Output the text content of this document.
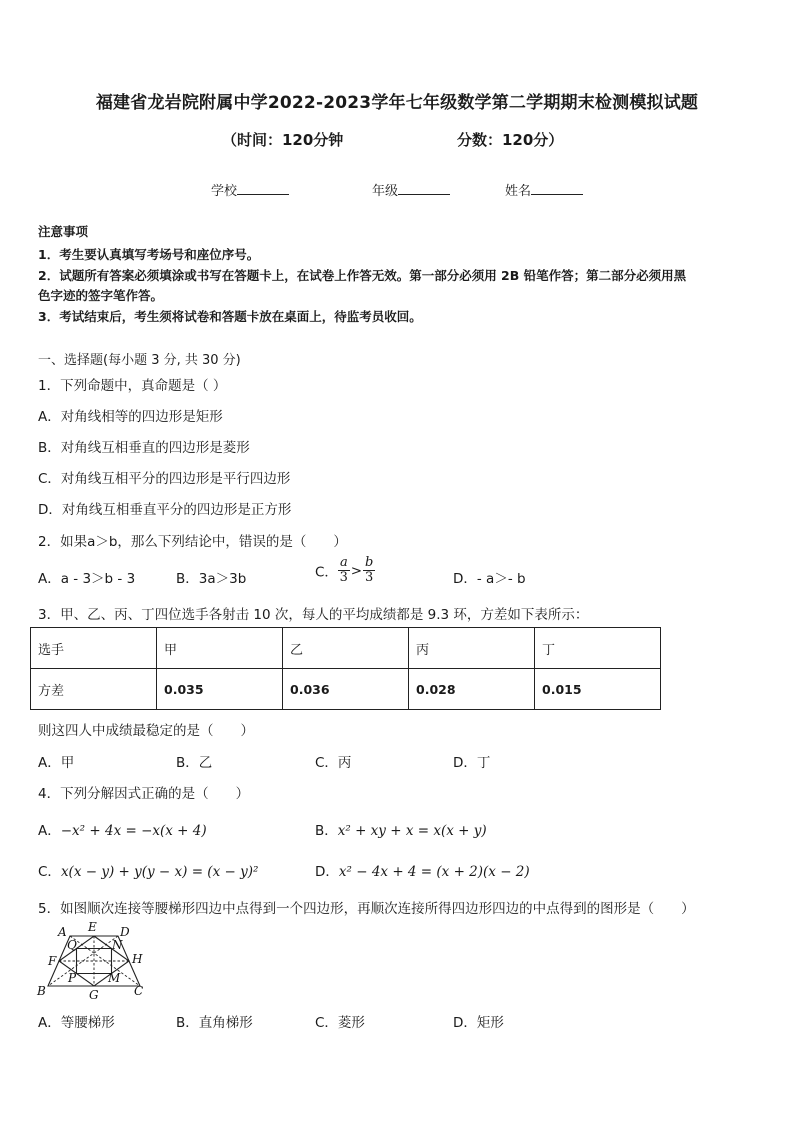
福建省龙岩院附属中学2022-2023学年七年级数学第二学期期末检测模拟试题
（时间：120分钟	分数：120分）
学校	年级	姓名
注意事项
1．考生要认真填写考场号和座位序号。
2．试题所有答案必须填涂或书写在答题卡上，在试卷上作答无效。第一部分必须用 2B 铅笔作答；第二部分必须用黑
色字迹的签字笔作答。
3．考试结束后，考生须将试卷和答题卡放在桌面上，待监考员收回。
一、选择题(每小题 3 分, 共 30 分)
1．下列命题中，真命题是（ ）
A．对角线相等的四边形是矩形
B．对角线互相垂直的四边形是菱形
C．对角线互相平分的四边形是平行四边形
D．对角线互相垂直平分的四边形是正方形
2．如果a＞b，那么下列结论中，错误的是（　　）
A．a - 3＞b - 3	B．3a＞3b	C． $\frac{a}{3} > \frac{b}{3}$	D．- a＞- b
3．甲、乙、丙、丁四位选手各射击 10 次，每人的平均成绩都是 9.3 环，方差如下表所示：
选手	甲	乙	丙	丁
方差	0.035	0.036	0.028	0.015
则这四人中成绩最稳定的是（　　）
A．甲	B．乙	C．丙	D．丁
4．下列分解因式正确的是（　　）
A．−x² + 4x = −x(x + 4)	B．x² + xy + x = x(x + y)
C．x(x − y) + y(y − x) = (x − y)²	D．x² − 4x + 4 = (x + 2)(x − 2)
5．如图顺次连接等腰梯形四边中点得到一个四边形，再顺次连接所得四边形四边的中点得到的图形是（　　）
A E D
Q	N
F	H
P	M
B	G	C
A．等腰梯形	B．直角梯形	C．菱形	D．矩形
